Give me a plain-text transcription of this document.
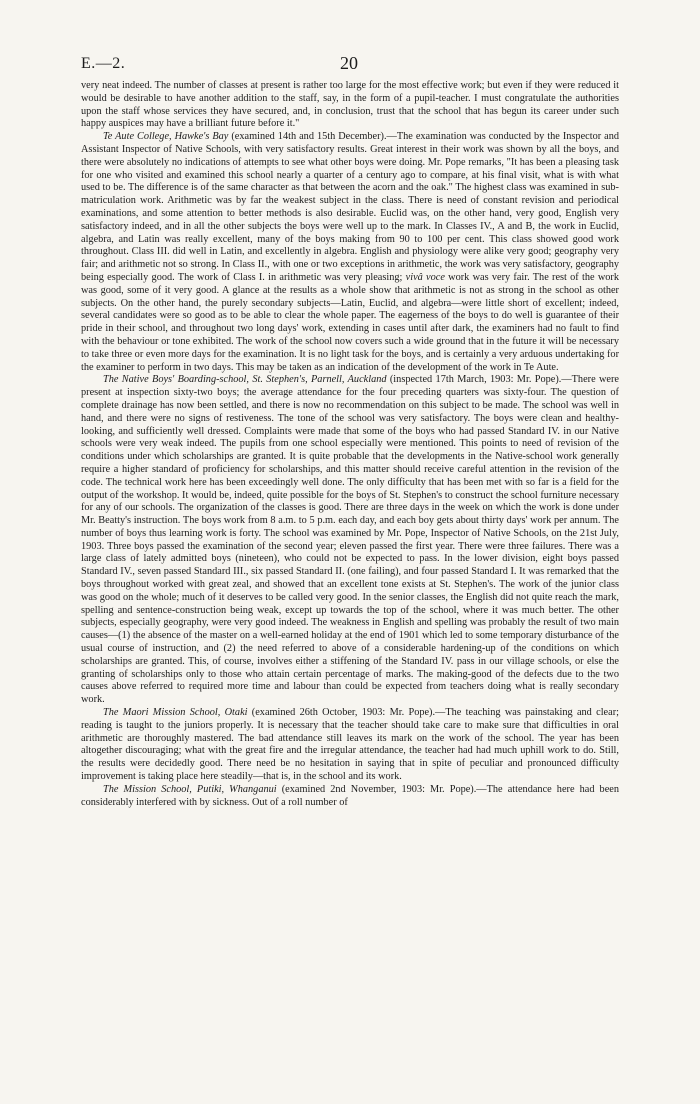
E.—2.	20

very neat indeed. The number of classes at present is rather too large for the most effective work; but even if they were reduced it would be desirable to have another addition to the staff, say, in the form of a pupil-teacher. I must congratulate the authorities upon the staff whose services they have secured, and, in conclusion, trust that the school that has begun its career under such happy auspices may have a brilliant future before it."

Te Aute College, Hawke's Bay (examined 14th and 15th December).—The examination was conducted by the Inspector and Assistant Inspector of Native Schools, with very satisfactory results. Great interest in their work was shown by all the boys, and there were absolutely no indications of attempts to see what other boys were doing. Mr. Pope remarks, "It has been a pleasing task for one who visited and examined this school nearly a quarter of a century ago to compare, at his final visit, what is with what used to be. The difference is of the same character as that between the acorn and the oak." The highest class was examined in sub-matriculation work. Arithmetic was by far the weakest subject in the class. There is need of constant revision and periodical examinations, and some attention to better methods is also desirable. Euclid was, on the other hand, very good, English very satisfactory indeed, and in all the other subjects the boys were well up to the mark. In Classes IV., A and B, the work in Euclid, algebra, and Latin was really excellent, many of the boys making from 90 to 100 per cent. This class showed good work throughout. Class III. did well in Latin, and excellently in algebra. English and physiology were alike very good; geography very fair; and arithmetic not so strong. In Class II., with one or two exceptions in arithmetic, the work was very satisfactory, geography being especially good. The work of Class I. in arithmetic was very pleasing; vivâ voce work was very fair. The rest of the work was good, some of it very good. A glance at the results as a whole show that arithmetic is not as strong in the school as other subjects. On the other hand, the purely secondary subjects—Latin, Euclid, and algebra—were little short of excellent; indeed, several candidates were so good as to be able to clear the whole paper. The eagerness of the boys to do well is guarantee of their pride in their school, and throughout two long days' work, extending in cases until after dark, the examiners had no fault to find with the behaviour or tone exhibited. The work of the school now covers such a wide ground that in the future it will be necessary to take three or even more days for the examination. It is no light task for the boys, and is certainly a very arduous undertaking for the examiner to perform in two days. This may be taken as an indication of the development of the work in Te Aute.

The Native Boys' Boarding-school, St. Stephen's, Parnell, Auckland (inspected 17th March, 1903: Mr. Pope).—There were present at inspection sixty-two boys; the average attendance for the four preceding quarters was sixty-four. The question of complete drainage has now been settled, and there is now no recommendation on this subject to be made. The school was well in hand, and there were no signs of restiveness. The tone of the school was very satisfactory. The boys were clean and healthy-looking, and sufficiently well dressed. Complaints were made that some of the boys who had passed Standard IV. in our Native schools were very weak indeed. The pupils from one school especially were mentioned. This points to need of revision of the conditions under which scholarships are granted. It is quite probable that the developments in the Native-school work generally require a higher standard of proficiency for scholarships, and this matter should receive careful attention in the revision of the code. The technical work here has been exceedingly well done. The only difficulty that has been met with so far is a field for the output of the workshop. It would be, indeed, quite possible for the boys of St. Stephen's to construct the school furniture necessary for any of our schools. The organization of the classes is good. There are three days in the week on which the work is done under Mr. Beatty's instruction. The boys work from 8 a.m. to 5 p.m. each day, and each boy gets about thirty days' work per annum. The number of boys thus learning work is forty. The school was examined by Mr. Pope, Inspector of Native Schools, on the 21st July, 1903. Three boys passed the examination of the second year; eleven passed the first year. There were three failures. There was a large class of lately admitted boys (nineteen), who could not be expected to pass. In the lower division, eight boys passed Standard IV., seven passed Standard III., six passed Standard II. (one failing), and four passed Standard I. It was remarked that the boys throughout worked with great zeal, and showed that an excellent tone exists at St. Stephen's. The work of the junior class was good on the whole; much of it deserves to be called very good. In the senior classes, the English did not quite reach the mark, spelling and sentence-construction being weak, except up towards the top of the school, where it was much better. The other subjects, especially geography, were very good indeed. The weakness in English and spelling was probably the result of two main causes—(1) the absence of the master on a well-earned holiday at the end of 1901 which led to some temporary disturbance of the usual course of instruction, and (2) the need referred to above of a considerable hardening-up of the conditions on which scholarships are granted. This, of course, involves either a stiffening of the Standard IV. pass in our village schools, or else the granting of scholarships only to those who attain certain percentage of marks. The making-good of the defects due to the two causes above referred to required more time and labour than could be expected from teachers doing what is really secondary work.

The Maori Mission School, Otaki (examined 26th October, 1903: Mr. Pope).—The teaching was painstaking and clear; reading is taught to the juniors properly. It is necessary that the teacher should take care to make sure that difficulties in oral arithmetic are thoroughly mastered. The bad attendance still leaves its mark on the work of the school. The year has been altogether discouraging; what with the great fire and the irregular attendance, the teacher had had much uphill work to do. Still, the results were decidedly good. There need be no hesitation in saying that in spite of peculiar and pronounced difficulty improvement is taking place here steadily—that is, in the school and its work.

The Mission School, Putiki, Whanganui (examined 2nd November, 1903: Mr. Pope).—The attendance here had been considerably interfered with by sickness. Out of a roll number of
